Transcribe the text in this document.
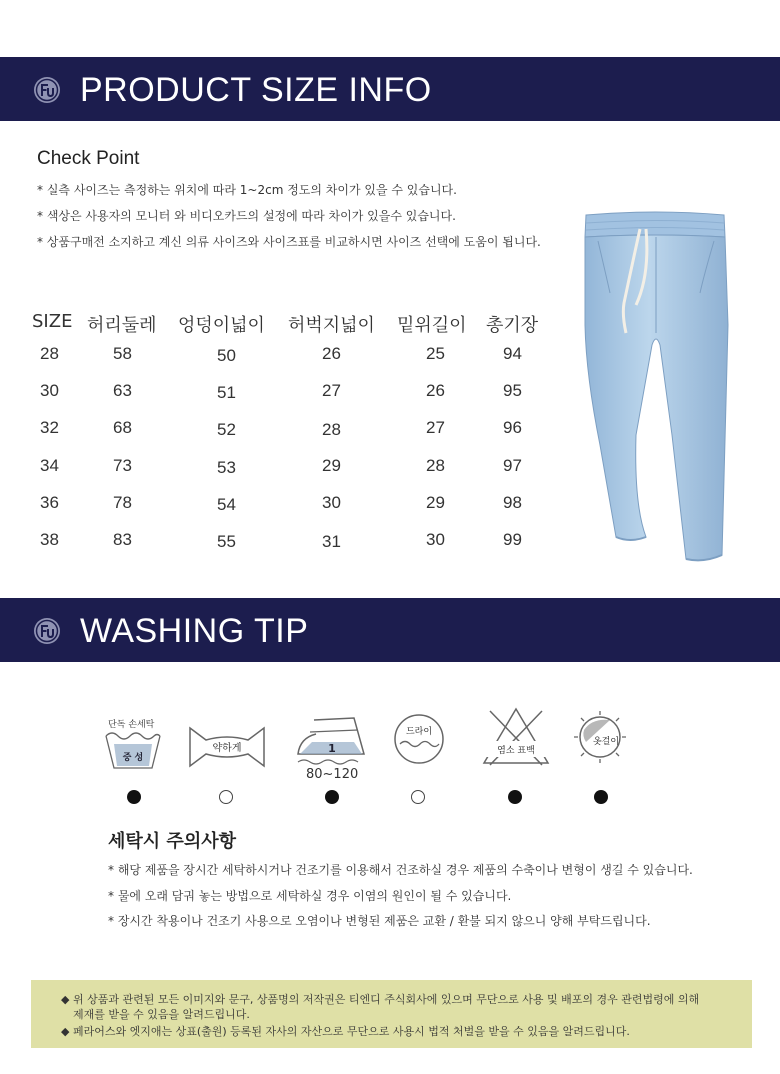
PRODUCT SIZE INFO
Check Point
* 실측 사이즈는 측정하는 위치에 따라 1~2cm 정도의 차이가 있을 수 있습니다.
* 색상은 사용자의 모니터 와 비디오카드의 설정에 따라 차이가 있을수 있습니다.
* 상품구매전 소지하고 계신 의류 사이즈와 사이즈표를 비교하시면 사이즈 선택에 도움이 됩니다.
SIZE 허리둘레 엉덩이넓이 허벅지넓이 밑위길이 총기장
28	58	50	26	25	94
30	63	51	27	26	95
32	68	52	28	27	96
34	73	53	29	28	97
36	78	54	30	29	98
38	83	55	31	30	99
WASHING TIP
중 성
단독 손세탁
약하게	1
80~120
드라이
염소 표백
옷걸이
세탁시 주의사항
* 해당 제품을 장시간 세탁하시거나 건조기를 이용해서 건조하실 경우 제품의 수축이나 변형이 생길 수 있습니다.
* 물에 오래 담궈 놓는 방법으로 세탁하실 경우 이염의 원인이 될 수 있습니다.
* 장시간 착용이나 건조기 사용으로 오염이나 변형된 제품은 교환 / 환불 되지 않으니 양해 부탁드립니다.
◆ 위 상품과 관련된 모든 이미지와 문구, 상품명의 저작권은 티엔디 주식회사에 있으며 무단으로 사용 및 배포의 경우 관련법령에 의해
제재를 받을 수 있음을 알려드립니다.
◆ 페라어스와 엣지애는 상표(출원) 등록된 자사의 자산으로 무단으로 사용시 법적 처벌을 받을 수 있음을 알려드립니다.
